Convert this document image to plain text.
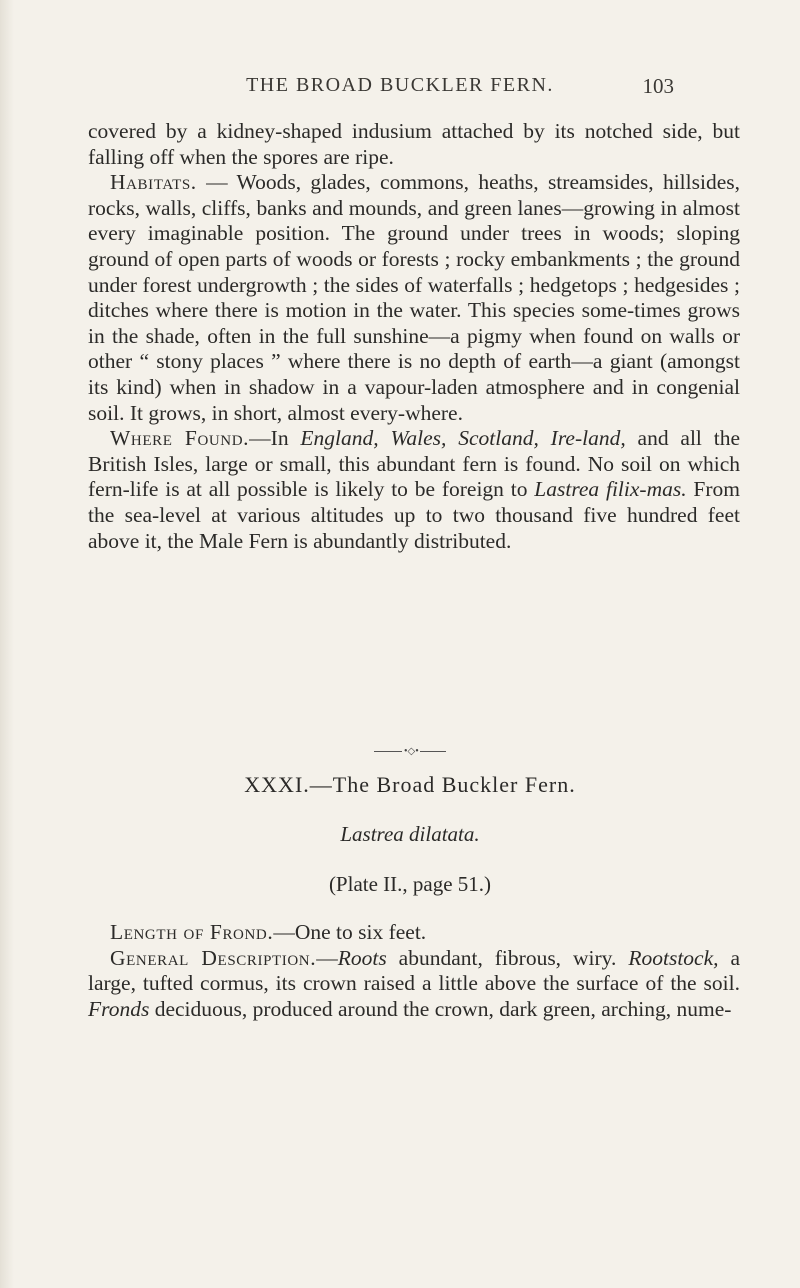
THE BROAD BUCKLER FERN.	103

covered by a kidney-shaped indusium attached by its notched side, but falling off when the spores are ripe.

Habitats. — Woods, glades, commons, heaths, streamsides, hillsides, rocks, walls, cliffs, banks and mounds, and green lanes—growing in almost every imaginable position. The ground under trees in woods; sloping ground of open parts of woods or forests ; rocky embankments ; the ground under forest undergrowth ; the sides of waterfalls ; hedgetops ; hedgesides ; ditches where there is motion in the water. This species some-times grows in the shade, often in the full sunshine—a pigmy when found on walls or other “ stony places ” where there is no depth of earth—a giant (amongst its kind) when in shadow in a vapour-laden atmosphere and in congenial soil. It grows, in short, almost every-where.

Where Found.—In England, Wales, Scotland, Ire-land, and all the British Isles, large or small, this abundant fern is found. No soil on which fern-life is at all possible is likely to be foreign to Lastrea filix-mas. From the sea-level at various altitudes up to two thousand five hundred feet above it, the Male Fern is abundantly distributed.

•◇•
XXXI.—The Broad Buckler Fern.
Lastrea dilatata.
(Plate II., page 51.)

Length of Frond.—One to six feet.

General Description.—Roots abundant, fibrous, wiry. Rootstock, a large, tufted cormus, its crown raised a little above the surface of the soil. Fronds deciduous, produced around the crown, dark green, arching, nume-
